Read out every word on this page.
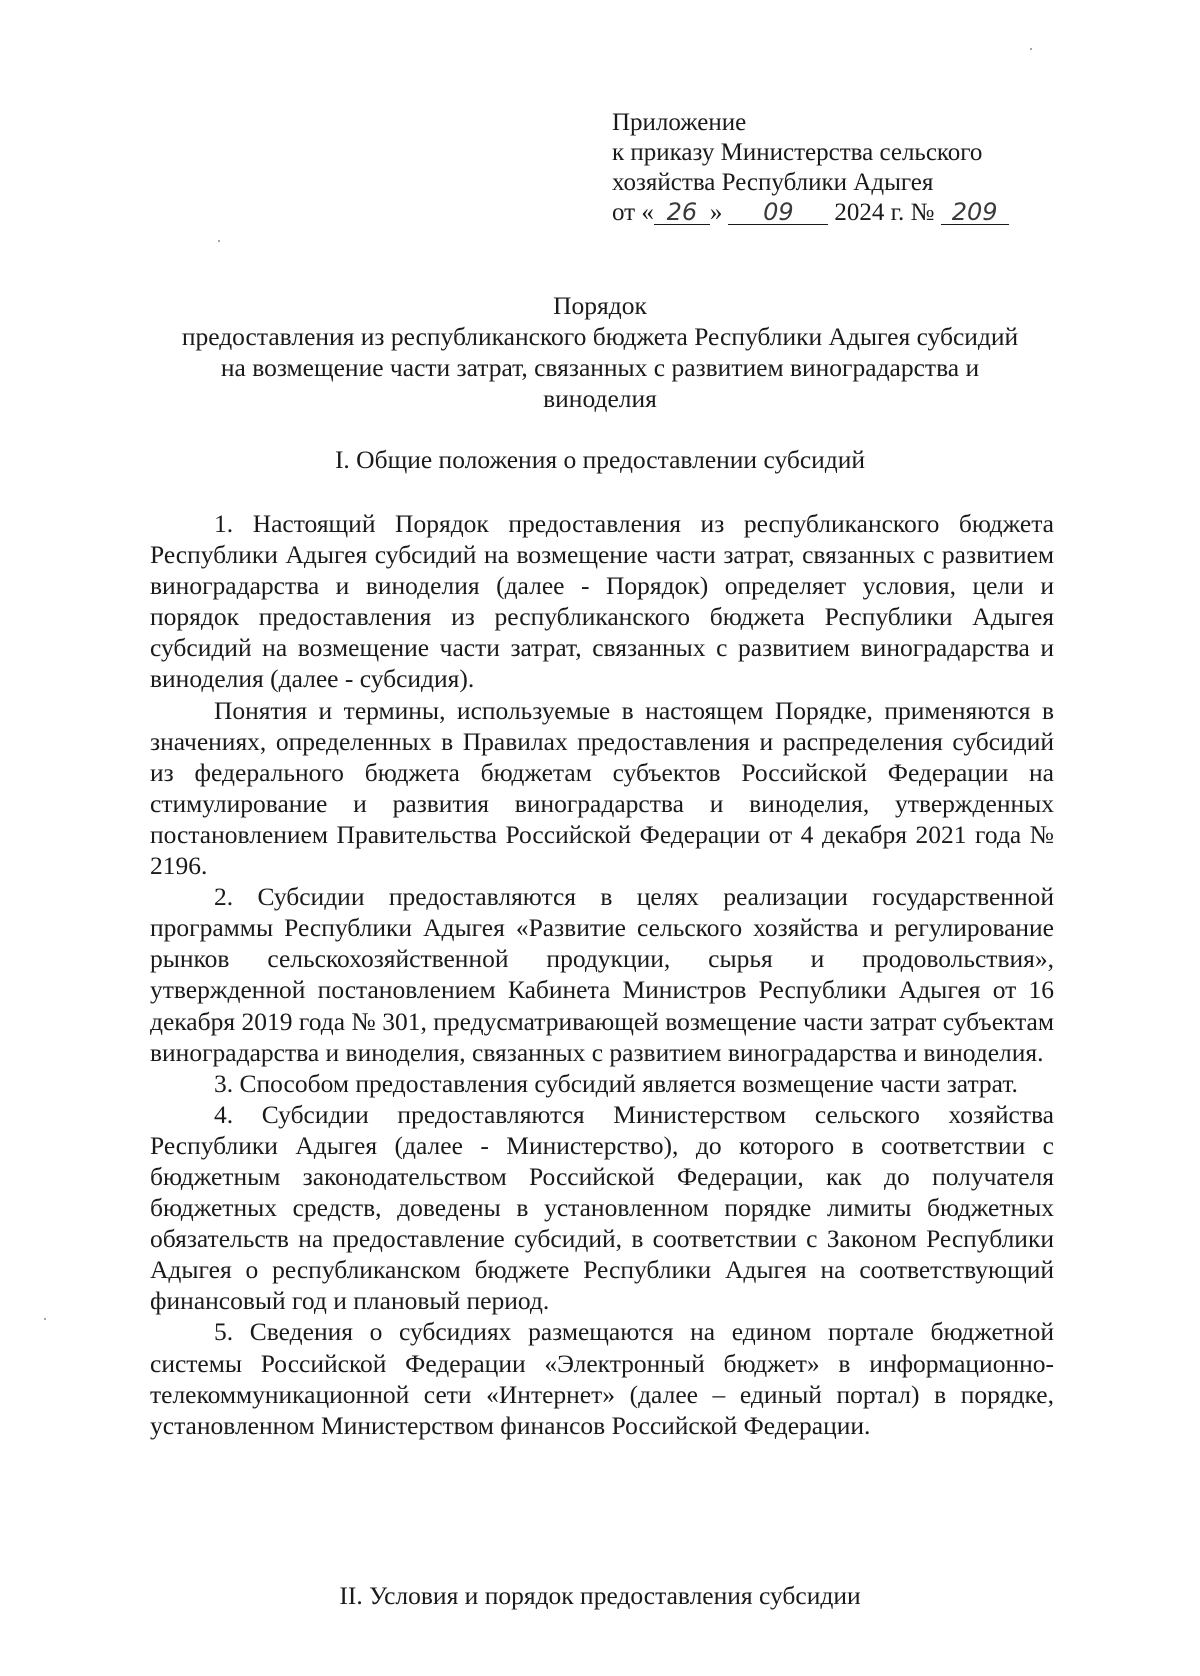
Приложение
к приказу Министерства сельского
хозяйства Республики Адыгея
от « 26 » 09 2024 г. № 209
Порядок
предоставления из республиканского бюджета Республики Адыгея субсидий
на возмещение части затрат, связанных с развитием виноградарства и
виноделия
I. Общие положения о предоставлении субсидий

1. Настоящий Порядок предоставления из республиканского бюджета Республики Адыгея субсидий на возмещение части затрат, связанных с развитием виноградарства и виноделия (далее - Порядок) определяет условия, цели и порядок предоставления из республиканского бюджета Республики Адыгея субсидий на возмещение части затрат, связанных с развитием виноградарства и виноделия (далее - субсидия).

Понятия и термины, используемые в настоящем Порядке, применяются в значениях, определенных в Правилах предоставления и распределения субсидий из федерального бюджета бюджетам субъектов Российской Федерации на стимулирование и развития виноградарства и виноделия, утвержденных постановлением Правительства Российской Федерации от 4 декабря 2021 года № 2196.

2. Субсидии предоставляются в целях реализации государственной программы Республики Адыгея «Развитие сельского хозяйства и регулирование рынков сельскохозяйственной продукции, сырья и продовольствия», утвержденной постановлением Кабинета Министров Республики Адыгея от 16 декабря 2019 года № 301, предусматривающей возмещение части затрат субъектам виноградарства и виноделия, связанных с развитием виноградарства и виноделия.

3. Способом предоставления субсидий является возмещение части затрат.

4. Субсидии предоставляются Министерством сельского хозяйства Республики Адыгея (далее - Министерство), до которого в соответствии с бюджетным законодательством Российской Федерации, как до получателя бюджетных средств, доведены в установленном порядке лимиты бюджетных обязательств на предоставление субсидий, в соответствии с Законом Республики Адыгея о республиканском бюджете Республики Адыгея на соответствующий финансовый год и плановый период.

5. Сведения о субсидиях размещаются на едином портале бюджетной системы Российской Федерации «Электронный бюджет» в информационно-телекоммуникационной сети «Интернет» (далее – единый портал) в порядке, установленном Министерством финансов Российской Федерации.

II. Условия и порядок предоставления субсидии
